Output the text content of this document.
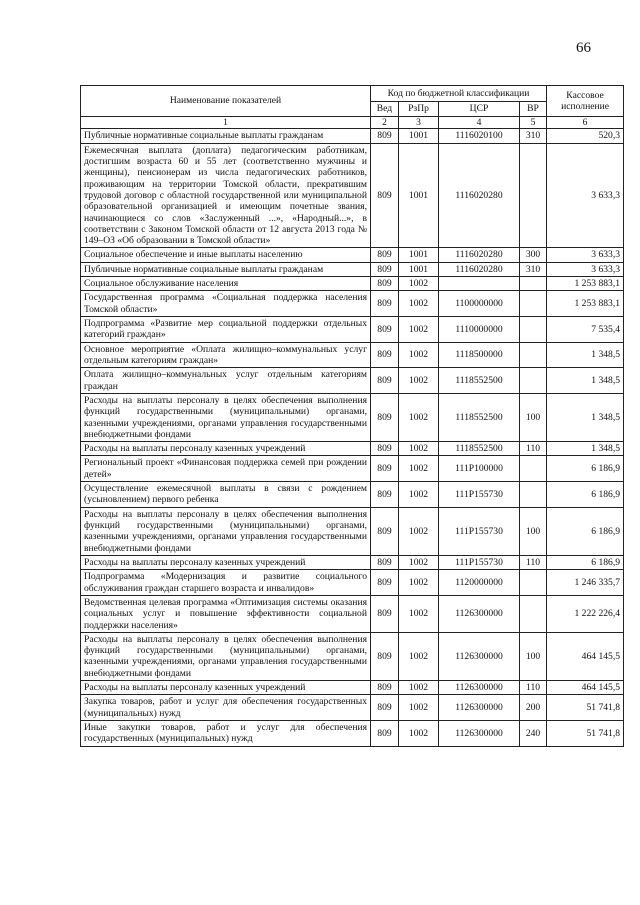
66
Наименование показателей	Код по бюджетной классификации				Кассовое исполнение
	Вед	РзПр	ЦСР	ВР	
1	2	3	4	5	6
Публичные нормативные социальные выплаты гражданам	809	1001	1116020100	310	520,3
Ежемесячная выплата (доплата) педагогическим работникам, достигшим возраста 60 и 55 лет (соответственно мужчины и женщины), пенсионерам из числа педагогических работников, проживающим на территории Томской области, прекратившим трудовой договор с областной государственной или муниципальной образовательной организацией и имеющим почетные звания, начинающиеся со слов «Заслуженный ...», «Народный...», в соответствии с Законом Томской области от 12 августа 2013 года № 149–ОЗ «Об образовании в Томской области»	809	1001	1116020280		3 633,3
Социальное обеспечение и иные выплаты населению	809	1001	1116020280	300	3 633,3
Публичные нормативные социальные выплаты гражданам	809	1001	1116020280	310	3 633,3
Социальное обслуживание населения	809	1002			1 253 883,1
Государственная программа «Социальная поддержка населения Томской области»	809	1002	1100000000		1 253 883,1
Подпрограмма «Развитие мер социальной поддержки отдельных категорий граждан»	809	1002	1110000000		7 535,4
Основное мероприятие «Оплата жилищно–коммунальных услуг отдельным категориям граждан»	809	1002	1118500000		1 348,5
Оплата жилищно–коммунальных услуг отдельным категориям граждан	809	1002	1118552500		1 348,5
Расходы на выплаты персоналу в целях обеспечения выполнения функций государственными (муниципальными) органами, казенными учреждениями, органами управления государственными внебюджетными фондами	809	1002	1118552500	100	1 348,5
Расходы на выплаты персоналу казенных учреждений	809	1002	1118552500	110	1 348,5
Региональный проект «Финансовая поддержка семей при рождении детей»	809	1002	111P100000		6 186,9
Осуществление ежемесячной выплаты в связи с рождением (усыновлением) первого ребенка	809	1002	111P155730		6 186,9
Расходы на выплаты персоналу в целях обеспечения выполнения функций государственными (муниципальными) органами, казенными учреждениями, органами управления государственными внебюджетными фондами	809	1002	111P155730	100	6 186,9
Расходы на выплаты персоналу казенных учреждений	809	1002	111P155730	110	6 186,9
Подпрограмма «Модернизация и развитие социального обслуживания граждан старшего возраста и инвалидов»	809	1002	1120000000		1 246 335,7
Ведомственная целевая программа «Оптимизация системы оказания социальных услуг и повышение эффективности социальной поддержки населения»	809	1002	1126300000		1 222 226,4
Расходы на выплаты персоналу в целях обеспечения выполнения функций государственными (муниципальными) органами, казенными учреждениями, органами управления государственными внебюджетными фондами	809	1002	1126300000	100	464 145,5
Расходы на выплаты персоналу казенных учреждений	809	1002	1126300000	110	464 145,5
Закупка товаров, работ и услуг для обеспечения государственных (муниципальных) нужд	809	1002	1126300000	200	51 741,8
Иные закупки товаров, работ и услуг для обеспечения государственных (муниципальных) нужд	809	1002	1126300000	240	51 741,8
